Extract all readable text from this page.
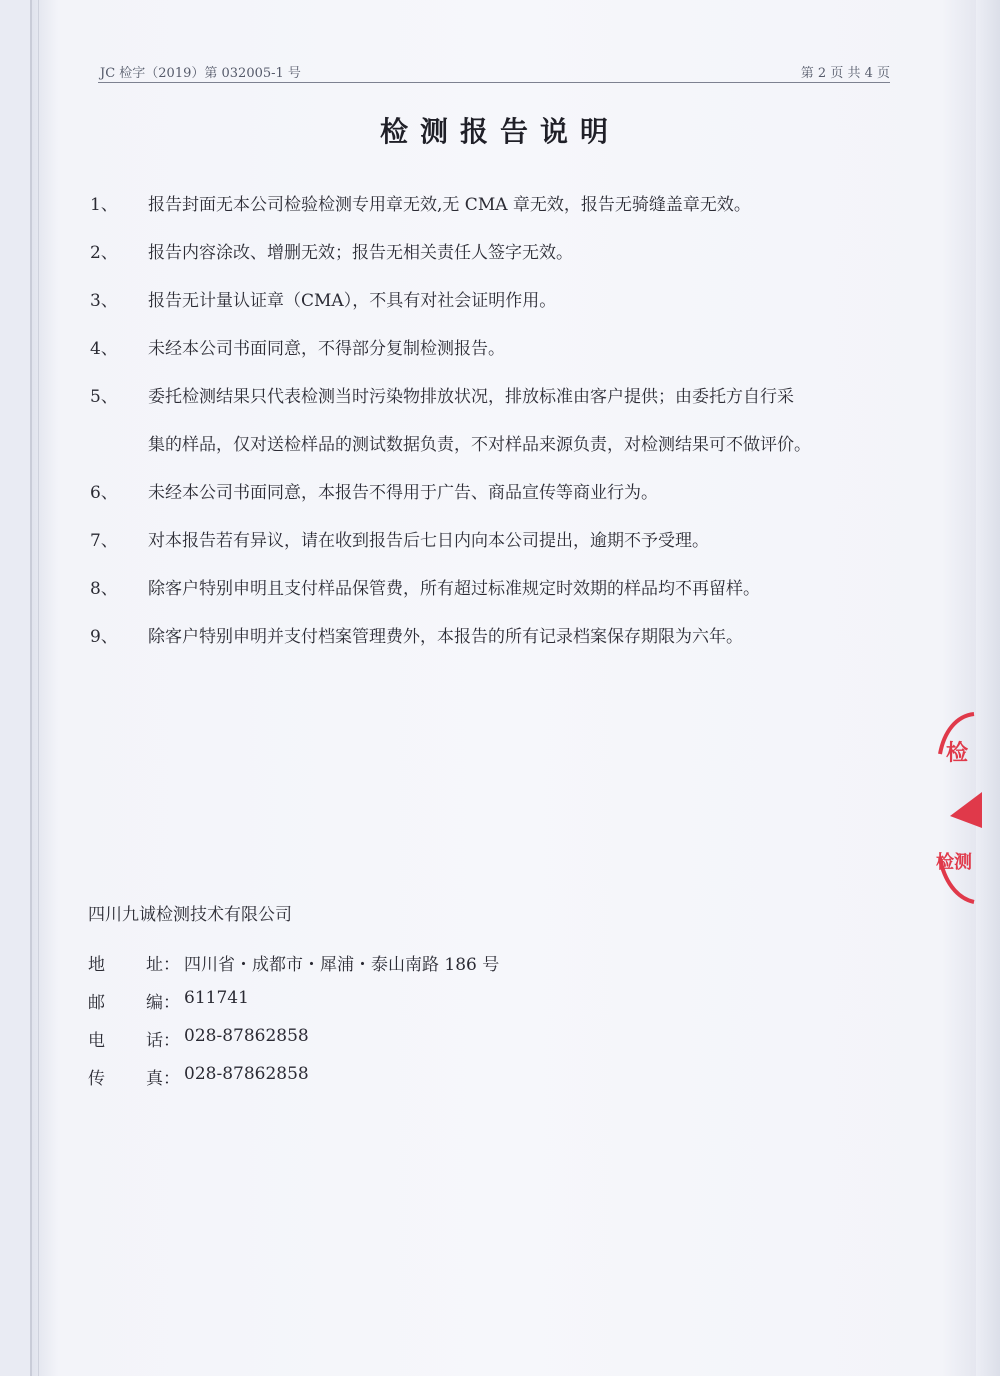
JC 检字（2019）第 032005-1 号	第 2 页 共 4 页
检测报告说明
1、	报告封面无本公司检验检测专用章无效,无 CMA 章无效，报告无骑缝盖章无效。
2、	报告内容涂改、增删无效；报告无相关责任人签字无效。
3、	报告无计量认证章（CMA），不具有对社会证明作用。
4、	未经本公司书面同意，不得部分复制检测报告。
5、	委托检测结果只代表检测当时污染物排放状况，排放标准由客户提供；由委托方自行采
集的样品，仅对送检样品的测试数据负责，不对样品来源负责，对检测结果可不做评价。
6、	未经本公司书面同意，本报告不得用于广告、商品宣传等商业行为。
7、	对本报告若有异议，请在收到报告后七日内向本公司提出，逾期不予受理。
8、	除客户特别申明且支付样品保管费，所有超过标准规定时效期的样品均不再留样。
9、	除客户特别申明并支付档案管理费外，本报告的所有记录档案保存期限为六年。
四川九诚检测技术有限公司
地 址： 四川省・成都市・犀浦・泰山南路 186 号
邮 编： 611741
电 话： 028-87862858
传 真： 028-87862858
检
检测
